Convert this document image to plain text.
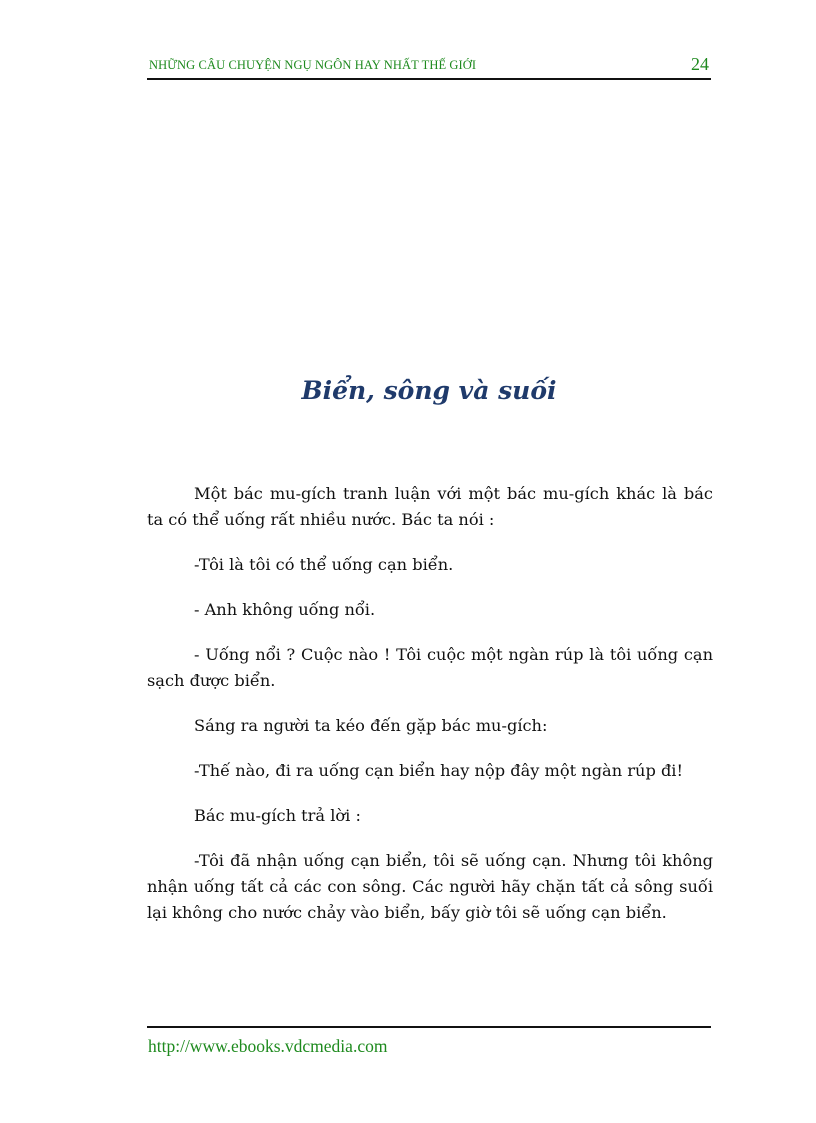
NHỮNG CÂU CHUYỆN NGỤ NGÔN HAY NHẤT THẾ GIỚI	24
Biển, sông và suối

Một bác mu-gích tranh luận với một bác mu-gích khác là bác ta có thể uống rất nhiều nước. Bác ta nói :

-Tôi là tôi có thể uống cạn biển.

- Anh không uống nổi.

- Uống nổi ? Cuộc nào ! Tôi cuộc một ngàn rúp là tôi uống cạn sạch được biển.

Sáng ra người ta kéo đến gặp bác mu-gích:

-Thế nào, đi ra uống cạn biển hay nộp đây một ngàn rúp đi!

Bác mu-gích trả lời :

-Tôi đã nhận uống cạn biển, tôi sẽ uống cạn. Nhưng tôi không nhận uống tất cả các con sông. Các người hãy chặn tất cả sông suối lại không cho nước chảy vào biển, bấy giờ tôi sẽ uống cạn biển.

http://www.ebooks.vdcmedia.com
